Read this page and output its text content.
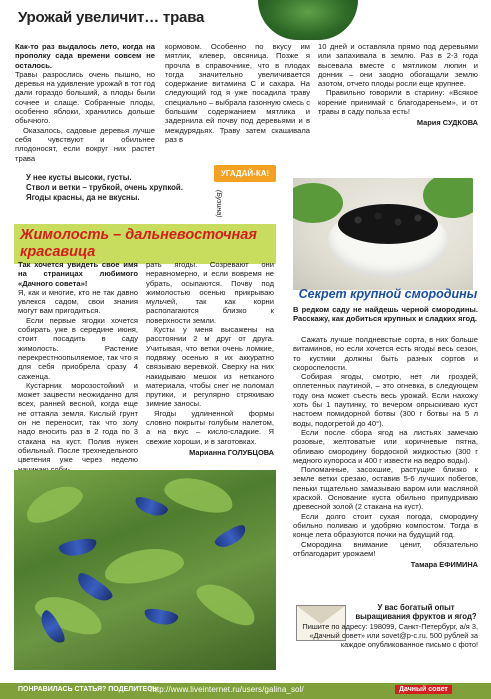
Урожай увеличит… трава

Как-то раз выдалось лето, когда на прополку сада времени совсем не осталось.

Травы разрослись очень пышно, но деревья на удивление урожай в тот год дали гораздо больший, а плоды были сочнее и слаще. Собранные плоды, особенно яблоки, хранились дольше обычного.

Оказалось, садовые деревья лучше себя чувствуют и обильнее плодоносят, если вокруг них растет трава

кормовом. Особенно по вкусу им мятлик, клевер, овсяница. Позже я прочла в справочнике, что в плодах тогда значительно увеличивается содержание витамина С и сахара. На следующий год я уже посадила траву специально – выбрала газонную смесь с большим содержанием мятлика и задернила ей почву под деревьями и в междурядьях. Траву затем скашивала раз в

10 дней и оставляла прямо под деревьями или запахивала в землю. Раз в 2-3 года высевала вместе с мятликом люпин и донник – они заодно обогащали землю азотом, отчего плоды росли еще крупнее.

Правильно говорили в старину: «Всякое корение принимай с благодареньем», и от травы в саду польза есть!

Мария СУДКОВА
УГАДАЙ-КА!
У нее кусты высоки, густы.
Ствол и ветки – трубкой, очень хрупкой.
Ягоды красны, да не вкусны.	(Бузина)
Жимолость – дальневосточная красавица

Так хочется увидеть свое имя на страницах любимого «Дачного совета»!

Я, как и многие, кто не так давно увлекся садом, свои знания могут вам пригодиться.

Если первые ягодки хочется собирать уже в середине июня, стоит посадить в саду жимолость. Растение перекрестноопыляемое, так что я для себя приобрела сразу 4 саженца.

Кустарник морозостойкий и может зацвести неожиданно для всех, ранней весной, когда еще не оттаяла земля. Кислый грунт он не переносит, так что золу надо вносить раз в 2 года по 3 стакана на куст. Полив нужен обильный. После трехнедельного цветения уже через неделю

рать ягоды. Созревают они неравномерно, и если вовремя не убрать, осыпаются. Почву под жимолостью осенью прикрываю мульчей, так как корни располагаются близко к поверхности земли.

Кусты у меня высажены на расстоянии 2 м друг от друга. Учитывая, что ветки очень ломкие, подвяжу осенью я их аккуратно связываю веревкой. Сверху на них накидываю мешок из нетканого материала, чтобы снег не поломал прутики, и регулярно стряхиваю зимние заносы.

Ягоды удлиненной формы словно покрыты голубым налетом, а на вкус – кисло-сладкие. Я свежие хороши, и в заготовках.

Марианна ГОЛУБЦОВА
Секрет крупной смородины
В редком саду не найдешь черной смородины. Расскажу, как добиться крупных и сладких ягод.

Сажать лучше полдневстые сорта, в них больше витаминов, но если хочется есть ягоды весь сезон, то кустики должны быть разных сортов и скороспелости.

Собирая ягоды, смотрю, нет ли гроздей, оплетенных паутиной, – это огневка, в следующем году она может съесть весь урожай. Если нахожу хоть бы 1 паутинку, то вечером опрыскиваю куст настоем помидорной ботвы (300 г ботвы на 5 л воды, подогретой до 40°).

Если после сбора ягод на листьях замечаю розовые, желтоватые или коричневые пятна, обливаю смородину бордоской жидкостью (300 г медного купороса и 400 г извести на ведро воды).

Поломанные, засохшие, растущие близко к земле ветки срезаю, оставив 5-6 лучших побегов, пеньки тщательно замазываю варом или масляной краской. Основание куста обильно припудриваю древесной золой (2 стакана на куст).

Если долго стоит сухая погода, смородину обильно поливаю и удобряю компостом. Тогда в конце лета образуются почки на будущий год.

Смородина внимание ценит, обязательно отблагодарит урожаем!

Тамара ЕФИМИНА
У вас богатый опыт выращивания фруктов и ягод?
Пишите по адресу: 198099, Санкт-Петербург, а/я 3, «Дачный совет» или sovet@p-c.ru. 500 рублей за каждое опубликованное письмо с фото!
ПОНРАВИЛАСЬ СТАТЬЯ? ПОДЕЛИТЕСЬ
http://www.liveinternet.ru/users/galina_sol/	Дачный совет
